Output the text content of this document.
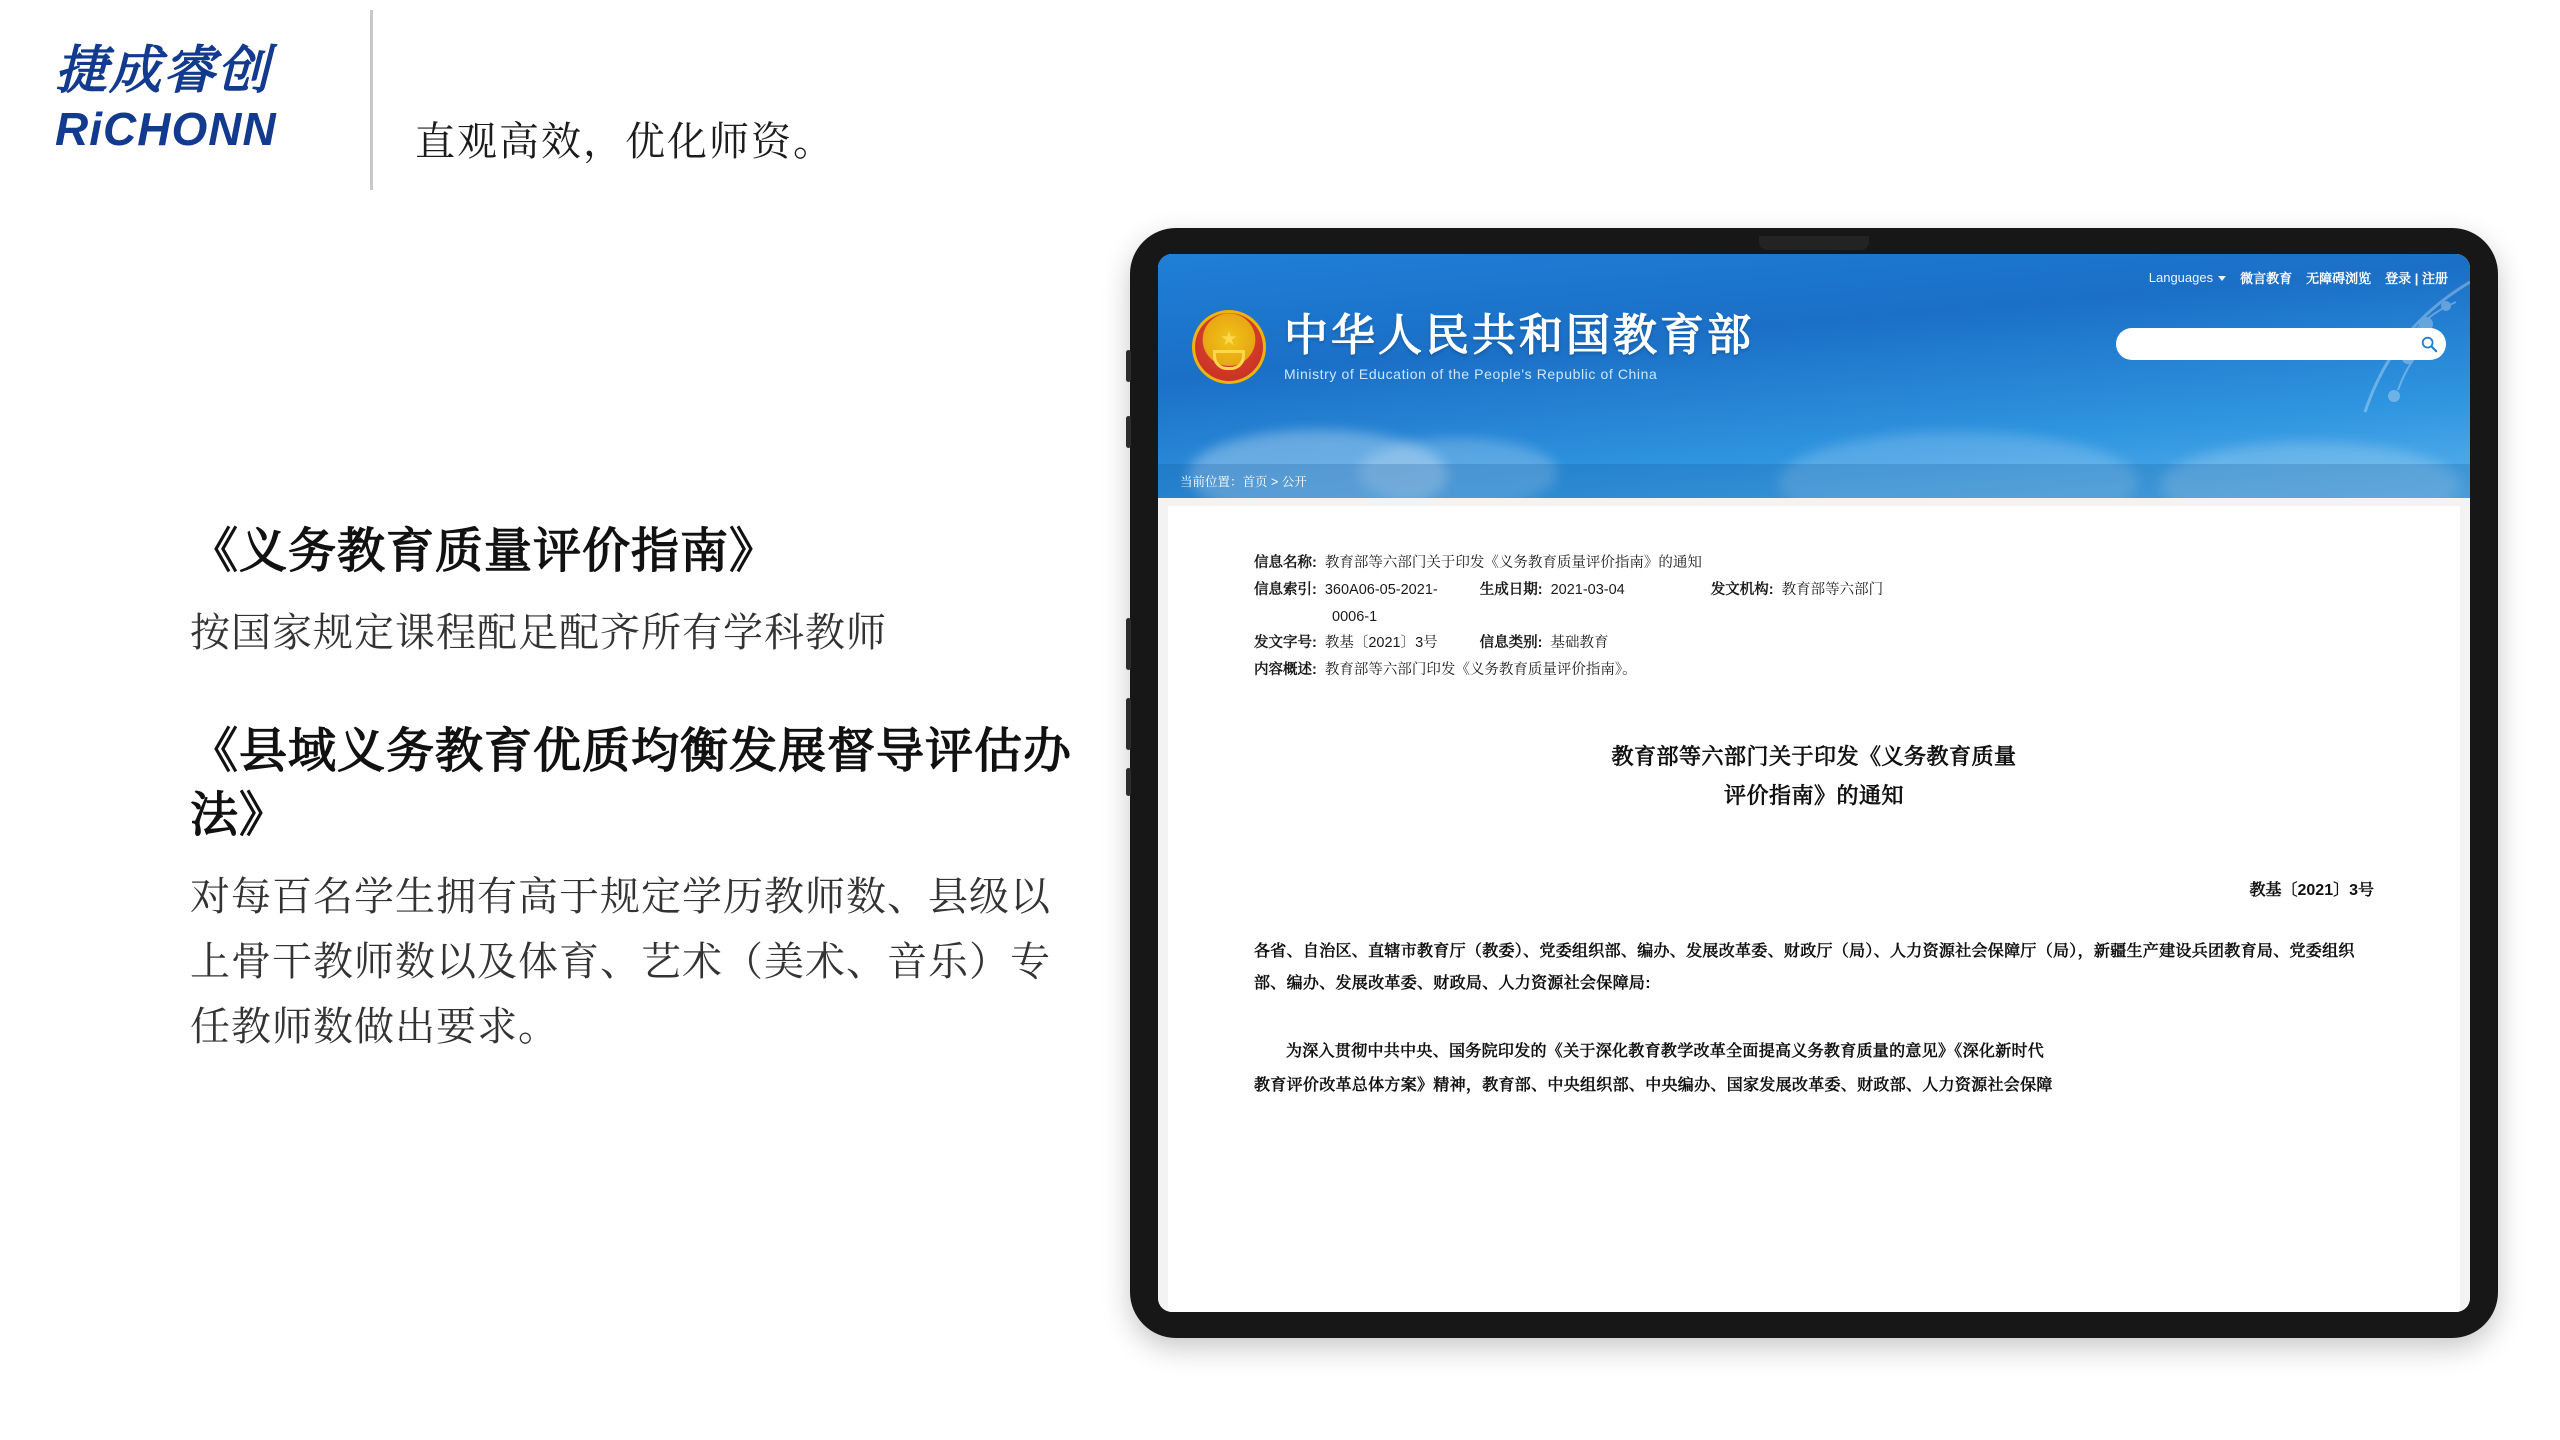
捷成睿创
RiCHONN	直观高效，优化师资。
《义务教育质量评价指南》

按国家规定课程配足配齐所有学科教师

《县域义务教育优质均衡发展督导评估办法》

对每百名学生拥有高于规定学历教师数、县级以上骨干教师数以及体育、艺术（美术、音乐）专任教师数做出要求。

Languages	微言教育 无障碍浏览 登录 | 注册
★ 中华人民共和国教育部
Ministry of Education of the People's Republic of China
当前位置：首页 > 公开
信息名称: 教育部等六部门关于印发《义务教育质量评价指南》的通知
信息索引: 360A06-05-2021-	生成日期: 2021-03-04	发文机构: 教育部等六部门
0006-1
发文字号: 教基〔2021〕3号	信息类别: 基础教育
内容概述: 教育部等六部门印发《义务教育质量评价指南》。
教育部等六部门关于印发《义务教育质量
评价指南》的通知
教基〔2021〕3号
各省、自治区、直辖市教育厅（教委）、党委组织部、编办、发展改革委、财政厅（局）、人力资源社会保障厅（局），新疆生产建设兵团教育局、党委组织部、编办、发展改革委、财政局、人力资源社会保障局:
为深入贯彻中共中央、国务院印发的《关于深化教育教学改革全面提高义务教育质量的意见》《深化新时代
教育评价改革总体方案》精神，教育部、中央组织部、中央编办、国家发展改革委、财政部、人力资源社会保障
